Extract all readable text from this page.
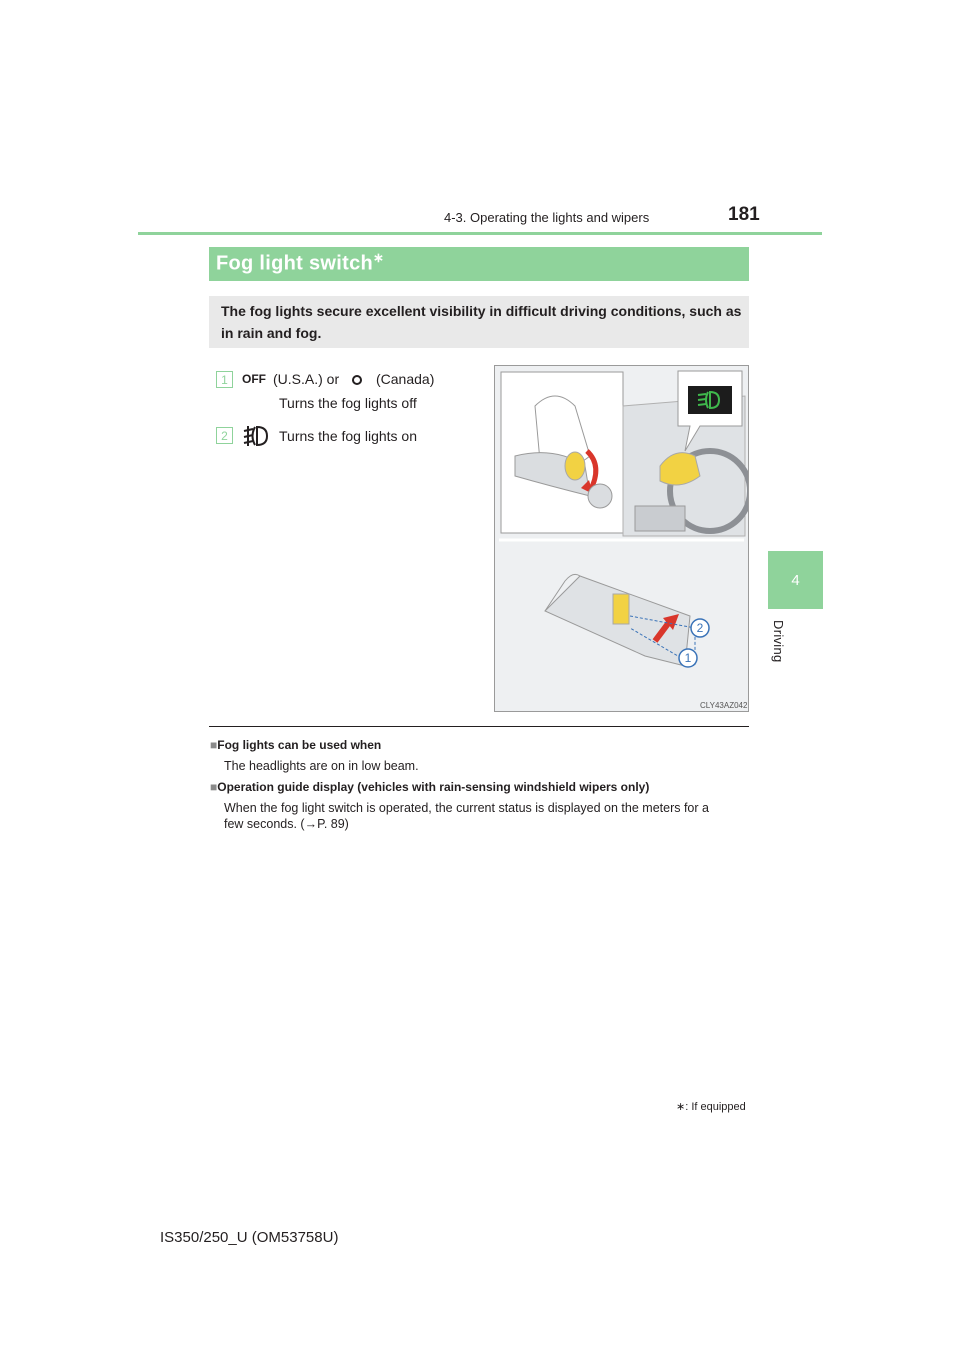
4-3. Operating the lights and wipers	181
4
Driving
Fog light switch∗
The fog lights secure excellent visibility in difficult driving conditions, such as in rain and fog.
1 OFF (U.S.A.) or	(Canada)
Turns the fog lights off
2	Turns the fog lights on
2
1
CLY43AZ042
■Fog lights can be used when
The headlights are on in low beam.
■Operation guide display (vehicles with rain-sensing windshield wipers only)
When the fog light switch is operated, the current status is displayed on the meters for a
few seconds. (→P. 89)
∗: If equipped
IS350/250_U (OM53758U)
